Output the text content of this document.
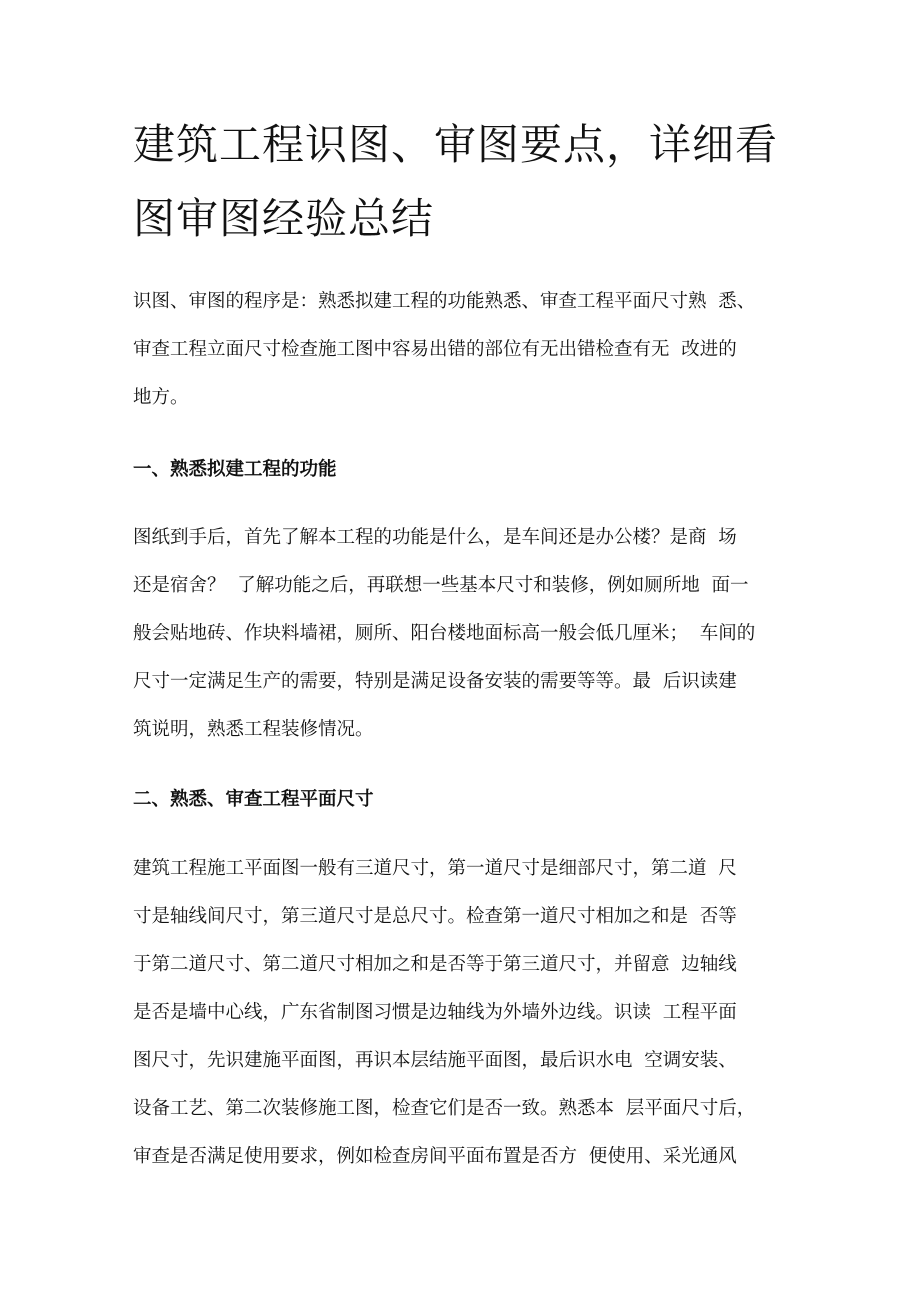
建筑工程识图、审图要点，详细看
图审图经验总结

识图、审图的程序是：熟悉拟建工程的功能熟悉、审查工程平面尺寸熟  悉、

审查工程立面尺寸检查施工图中容易出错的部位有无出错检查有无  改进的

地方。

一、熟悉拟建工程的功能

图纸到手后，首先了解本工程的功能是什么，是车间还是办公楼？是商  场

还是宿舍？  了解功能之后，再联想一些基本尺寸和装修，例如厕所地  面一

般会贴地砖、作块料墙裙，厕所、阳台楼地面标高一般会低几厘米；  车间的

尺寸一定满足生产的需要，特别是满足设备安装的需要等等。最  后识读建

筑说明，熟悉工程装修情况。

二、熟悉、审查工程平面尺寸

建筑工程施工平面图一般有三道尺寸，第一道尺寸是细部尺寸，第二道  尺

寸是轴线间尺寸，第三道尺寸是总尺寸。检查第一道尺寸相加之和是  否等

于第二道尺寸、第二道尺寸相加之和是否等于第三道尺寸，并留意  边轴线

是否是墙中心线，广东省制图习惯是边轴线为外墙外边线。识读  工程平面

图尺寸，先识建施平面图，再识本层结施平面图，最后识水电  空调安装、

设备工艺、第二次装修施工图，检查它们是否一致。熟悉本  层平面尺寸后，

审查是否满足使用要求，例如检查房间平面布置是否方  便使用、采光通风
